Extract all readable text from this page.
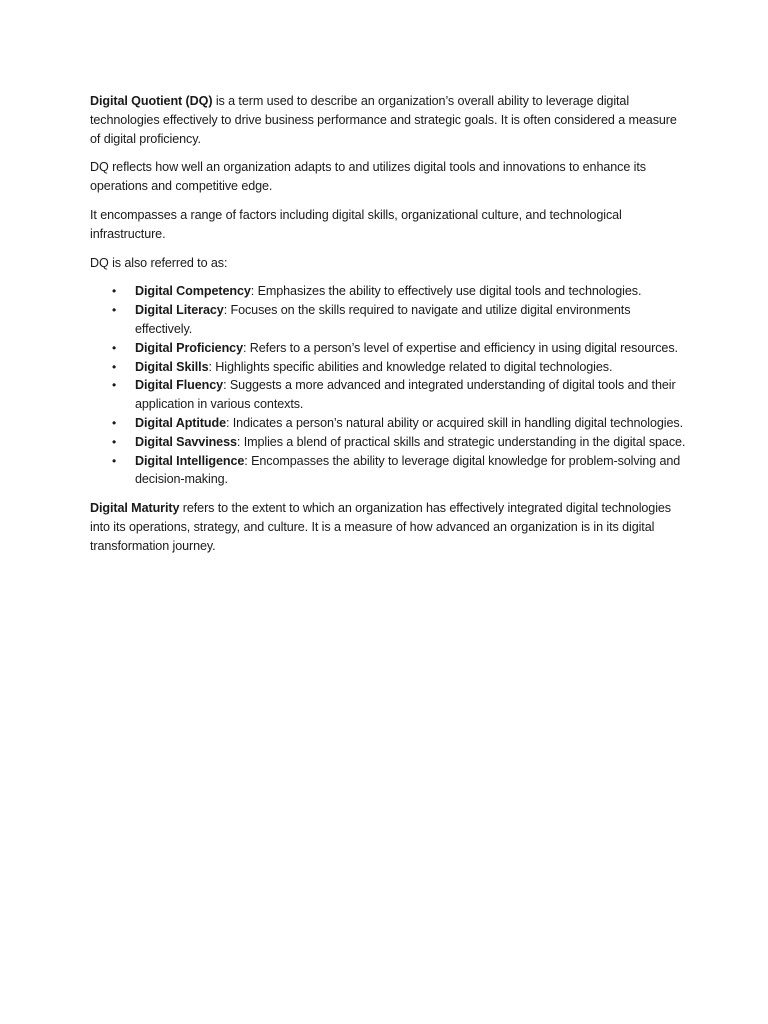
Digital Quotient (DQ) is a term used to describe an organization’s overall ability to leverage digital technologies effectively to drive business performance and strategic goals. It is often considered a measure of digital proficiency.

DQ reflects how well an organization adapts to and utilizes digital tools and innovations to enhance its operations and competitive edge.

It encompasses a range of factors including digital skills, organizational culture, and technological infrastructure.

DQ is also referred to as:

• Digital Competency: Emphasizes the ability to effectively use digital tools and technologies.
• Digital Literacy: Focuses on the skills required to navigate and utilize digital environments effectively.
• Digital Proficiency: Refers to a person’s level of expertise and efficiency in using digital resources.
• Digital Skills: Highlights specific abilities and knowledge related to digital technologies.
• Digital Fluency: Suggests a more advanced and integrated understanding of digital tools and their application in various contexts.
• Digital Aptitude: Indicates a person’s natural ability or acquired skill in handling digital technologies.
• Digital Savviness: Implies a blend of practical skills and strategic understanding in the digital space.
• Digital Intelligence: Encompasses the ability to leverage digital knowledge for problem-solving and decision-making.

Digital Maturity refers to the extent to which an organization has effectively integrated digital technologies into its operations, strategy, and culture. It is a measure of how advanced an organization is in its digital transformation journey.
